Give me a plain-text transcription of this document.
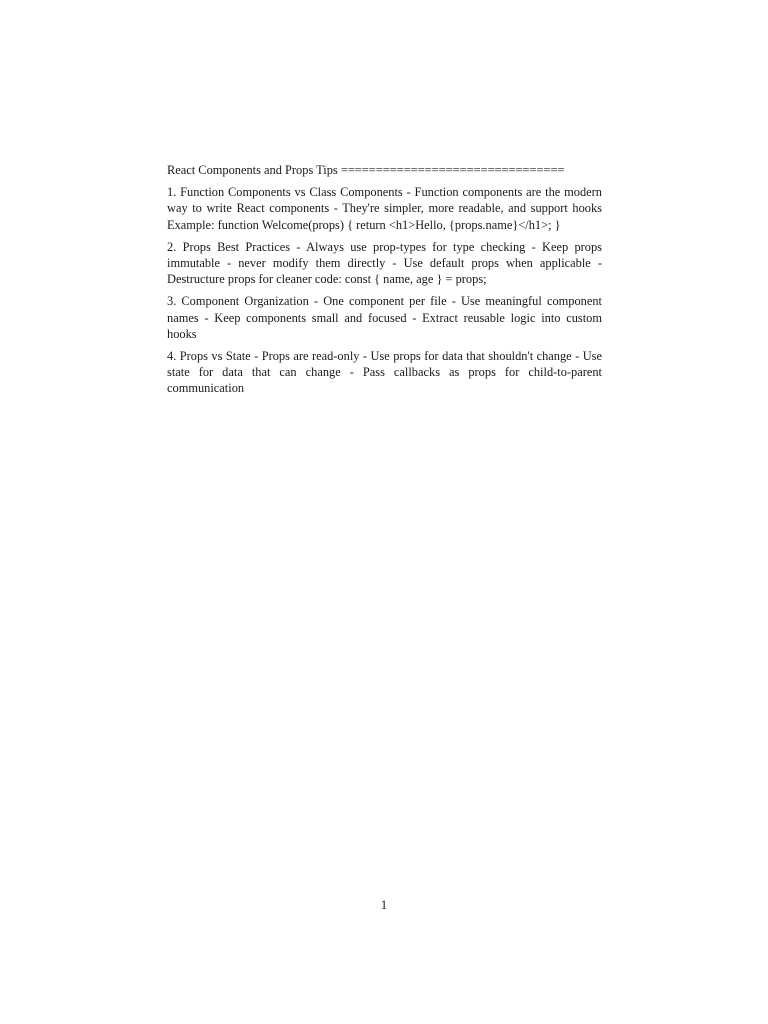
React Components and Props Tips ================================

1. Function Components vs Class Components - Function components are the modern way to write React components - They're simpler, more readable, and support hooks Example: function Welcome(props) { return <h1>Hello, {props.name}</h1>; }

2. Props Best Practices - Always use prop-types for type checking - Keep props immutable - never modify them directly - Use default props when applicable - Destructure props for cleaner code: const { name, age } = props;

3. Component Organization - One component per file - Use meaningful component names - Keep components small and focused - Extract reusable logic into custom hooks

4. Props vs State - Props are read-only - Use props for data that shouldn't change - Use state for data that can change - Pass callbacks as props for child-to-parent communication

1
